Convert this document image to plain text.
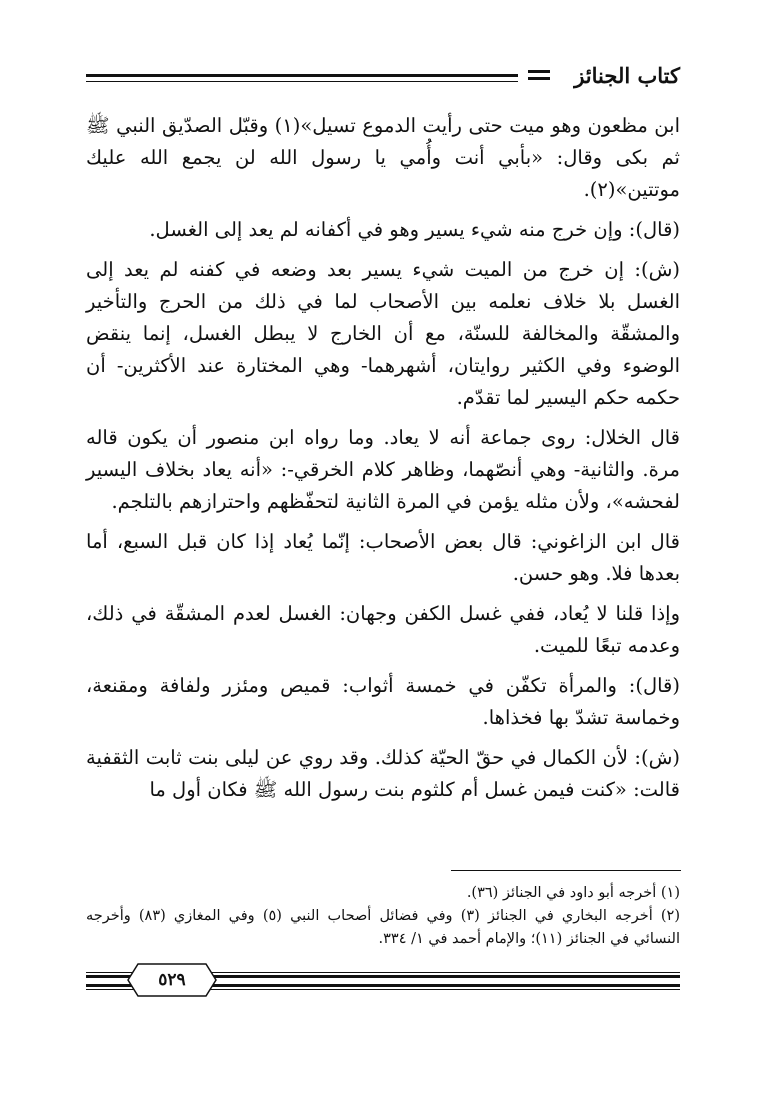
كتاب الجنائز

ابن مظعون وهو ميت حتى رأيت الدموع تسيل»(١) وقبّل الصدّيق النبي ﷺ ثم بكى وقال: «بأبي أنت وأُمي يا رسول الله لن يجمع الله عليك موتتين»(٢).

(قال): وإن خرج منه شيء يسير وهو في أكفانه لم يعد إلى الغسل.

(ش): إن خرج من الميت شيء يسير بعد وضعه في كفنه لم يعد إلى الغسل بلا خلاف نعلمه بين الأصحاب لما في ذلك من الحرج والتأخير والمشقّة والمخالفة للسنّة، مع أن الخارج لا يبطل الغسل، إنما ينقض الوضوء وفي الكثير روايتان، أشهرهما- وهي المختارة عند الأكثرين- أن حكمه حكم اليسير لما تقدّم.

قال الخلال: روى جماعة أنه لا يعاد. وما رواه ابن منصور أن يكون قاله مرة. والثانية- وهي أنصّهما، وظاهر كلام الخرقي-: «أنه يعاد بخلاف اليسير لفحشه»، ولأن مثله يؤمن في المرة الثانية لتحفّظهم واحترازهم بالتلجم.

قال ابن الزاغوني: قال بعض الأصحاب: إنّما يُعاد إذا كان قبل السبع، أما بعدها فلا. وهو حسن.

وإذا قلنا لا يُعاد، ففي غسل الكفن وجهان: الغسل لعدم المشقّة في ذلك، وعدمه تبعًا للميت.

(قال): والمرأة تكفّن في خمسة أثواب: قميص ومئزر ولفافة ومقنعة، وخماسة تشدّ بها فخذاها.

(ش): لأن الكمال في حقّ الحيّة كذلك. وقد روي عن ليلى بنت ثابت الثقفية قالت: «كنت فيمن غسل أم كلثوم بنت رسول الله ﷺ فكان أول ما

(١) أخرجه أبو داود في الجنائز (٣٦).

(٢) أخرجه البخاري في الجنائز (٣) وفي فضائل أصحاب النبي (٥) وفي المغازي (٨٣) وأخرجه النسائي في الجنائز (١١)؛ والإمام أحمد في ١/ ٣٣٤.

٥٢٩
